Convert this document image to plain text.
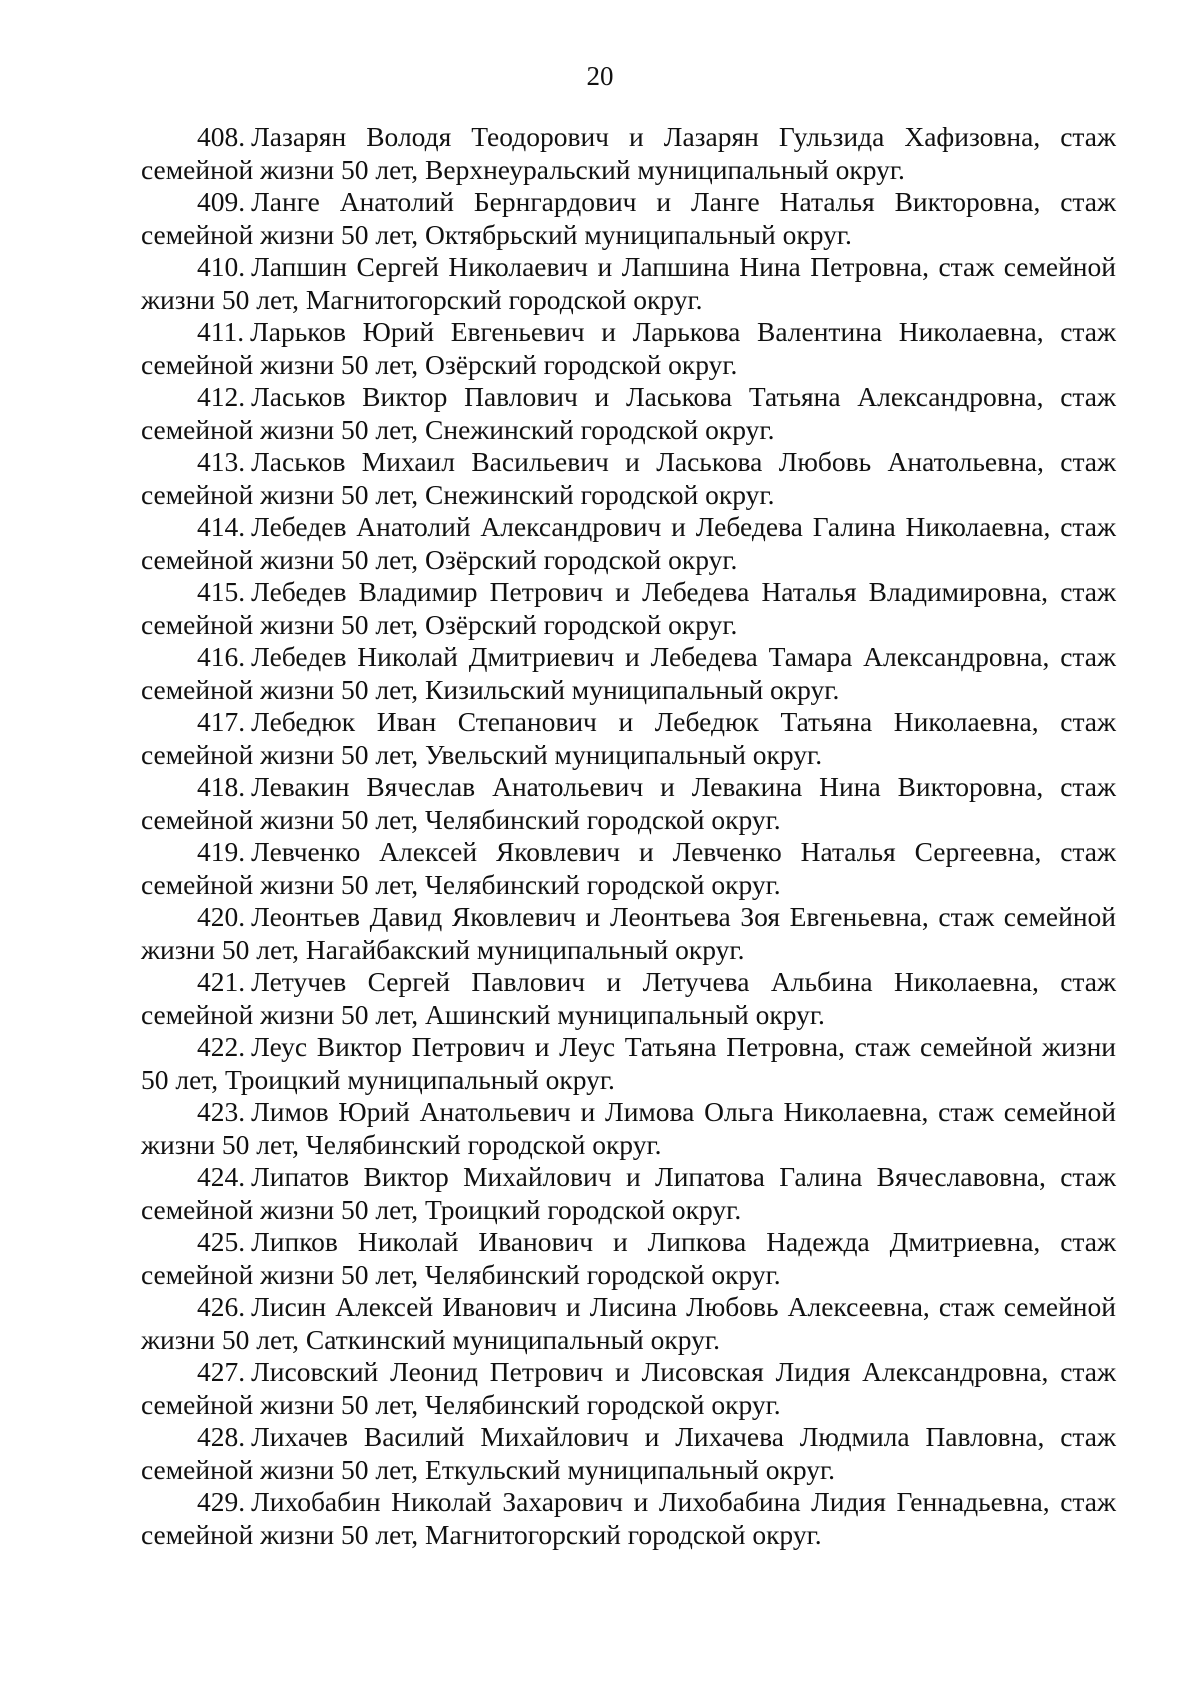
20
408. Лазарян Володя Теодорович и Лазарян Гульзида Хафизовна, стаж семейной жизни 50 лет, Верхнеуральский муниципальный округ.
409. Ланге Анатолий Бернгардович и Ланге Наталья Викторовна, стаж семейной жизни 50 лет, Октябрьский муниципальный округ.
410. Лапшин Сергей Николаевич и Лапшина Нина Петровна, стаж семейной жизни 50 лет, Магнитогорский городской округ.
411. Ларьков Юрий Евгеньевич и Ларькова Валентина Николаевна, стаж семейной жизни 50 лет, Озёрский городской округ.
412. Ласьков Виктор Павлович и Ласькова Татьяна Александровна, стаж семейной жизни 50 лет, Снежинский городской округ.
413. Ласьков Михаил Васильевич и Ласькова Любовь Анатольевна, стаж семейной жизни 50 лет, Снежинский городской округ.
414. Лебедев Анатолий Александрович и Лебедева Галина Николаевна, стаж семейной жизни 50 лет, Озёрский городской округ.
415. Лебедев Владимир Петрович и Лебедева Наталья Владимировна, стаж семейной жизни 50 лет, Озёрский городской округ.
416. Лебедев Николай Дмитриевич и Лебедева Тамара Александровна, стаж семейной жизни 50 лет, Кизильский муниципальный округ.
417. Лебедюк Иван Степанович и Лебедюк Татьяна Николаевна, стаж семейной жизни 50 лет, Увельский муниципальный округ.
418. Левакин Вячеслав Анатольевич и Левакина Нина Викторовна, стаж семейной жизни 50 лет, Челябинский городской округ.
419. Левченко Алексей Яковлевич и Левченко Наталья Сергеевна, стаж семейной жизни 50 лет, Челябинский городской округ.
420. Леонтьев Давид Яковлевич и Леонтьева Зоя Евгеньевна, стаж семейной жизни 50 лет, Нагайбакский муниципальный округ.
421. Летучев Сергей Павлович и Летучева Альбина Николаевна, стаж семейной жизни 50 лет, Ашинский муниципальный округ.
422. Леус Виктор Петрович и Леус Татьяна Петровна, стаж семейной жизни 50 лет, Троицкий муниципальный округ.
423. Лимов Юрий Анатольевич и Лимова Ольга Николаевна, стаж семейной жизни 50 лет, Челябинский городской округ.
424. Липатов Виктор Михайлович и Липатова Галина Вячеславовна, стаж семейной жизни 50 лет, Троицкий городской округ.
425. Липков Николай Иванович и Липкова Надежда Дмитриевна, стаж семейной жизни 50 лет, Челябинский городской округ.
426. Лисин Алексей Иванович и Лисина Любовь Алексеевна, стаж семейной жизни 50 лет, Саткинский муниципальный округ.
427. Лисовский Леонид Петрович и Лисовская Лидия Александровна, стаж семейной жизни 50 лет, Челябинский городской округ.
428. Лихачев Василий Михайлович и Лихачева Людмила Павловна, стаж семейной жизни 50 лет, Еткульский муниципальный округ.
429. Лихобабин Николай Захарович и Лихобабина Лидия Геннадьевна, стаж семейной жизни 50 лет, Магнитогорский городской округ.
